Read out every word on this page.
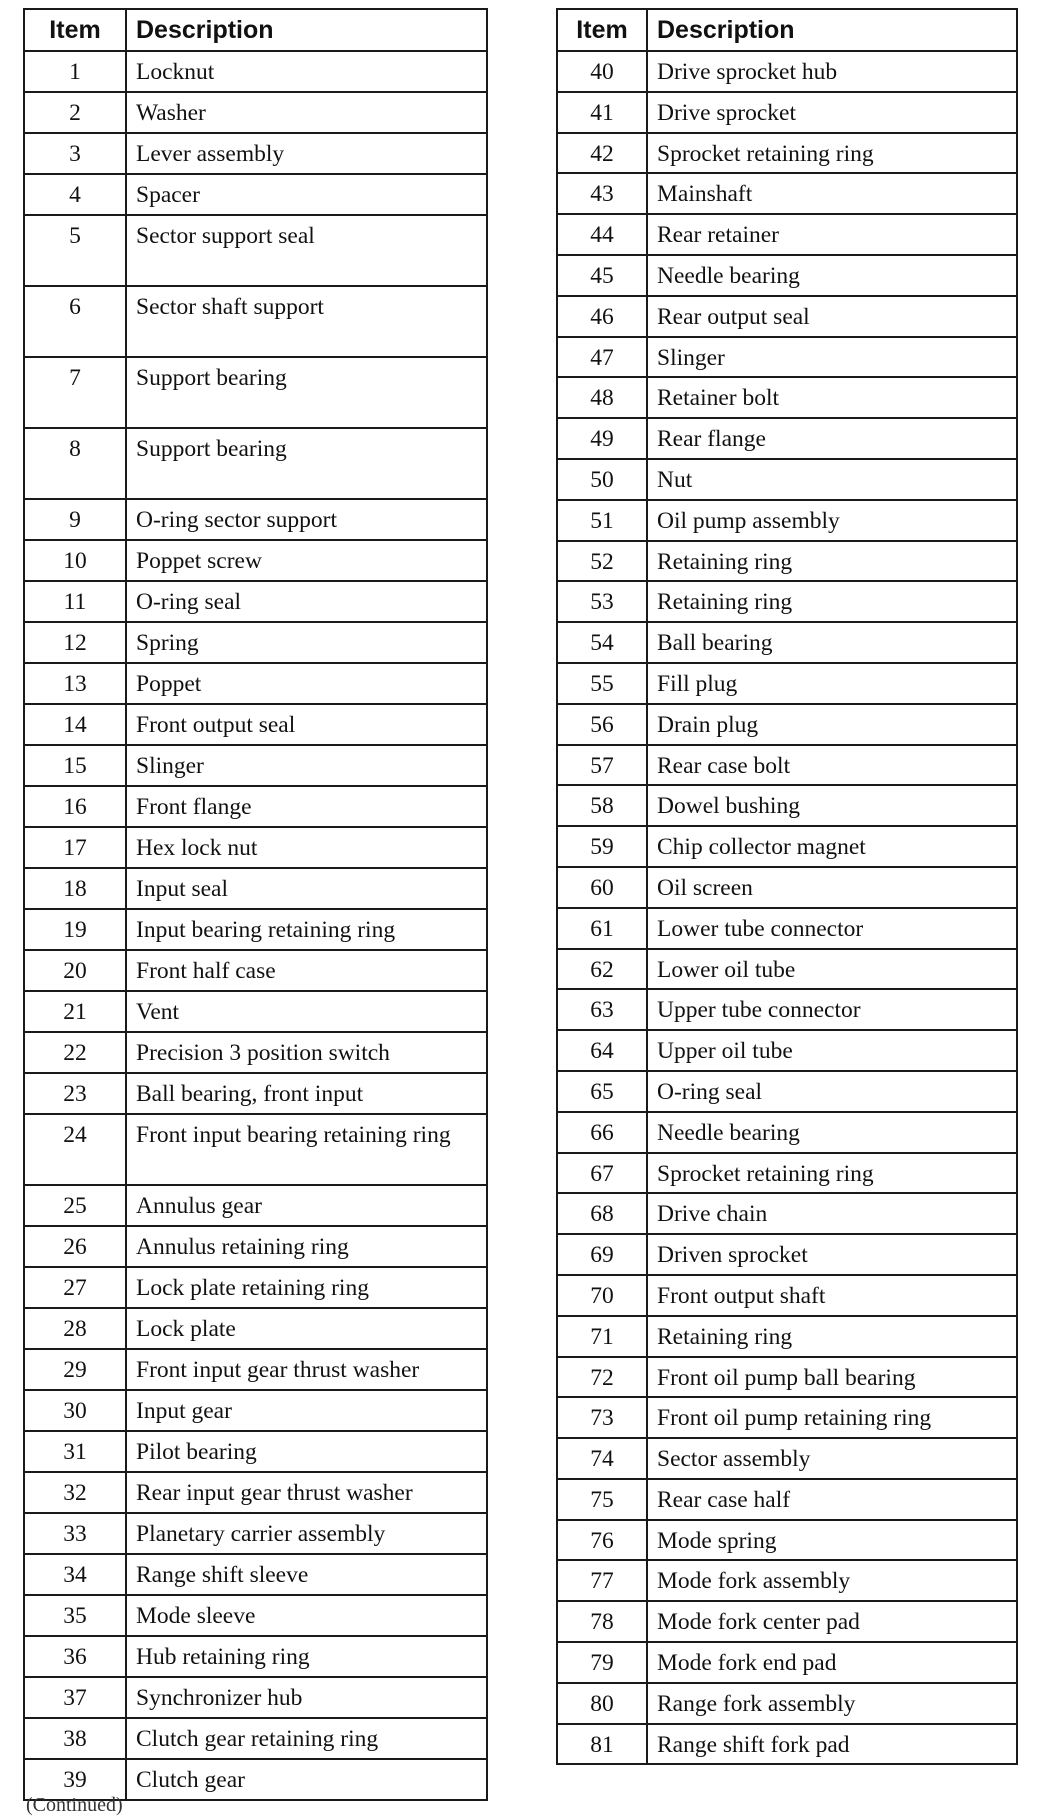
Item	Description
1	Locknut
2	Washer
3	Lever assembly
4	Spacer
5	Sector support seal
6	Sector shaft support
7	Support bearing
8	Support bearing
9	O-ring sector support
10	Poppet screw
11	O-ring seal
12	Spring
13	Poppet
14	Front output seal
15	Slinger
16	Front flange
17	Hex lock nut
18	Input seal
19	Input bearing retaining ring
20	Front half case
21	Vent
22	Precision 3 position switch
23	Ball bearing, front input
24	Front input bearing retaining ring
25	Annulus gear
26	Annulus retaining ring
27	Lock plate retaining ring
28	Lock plate
29	Front input gear thrust washer
30	Input gear
31	Pilot bearing
32	Rear input gear thrust washer
33	Planetary carrier assembly
34	Range shift sleeve
35	Mode sleeve
36	Hub retaining ring
37	Synchronizer hub
38	Clutch gear retaining ring
39	Clutch gear
Item	Description
40	Drive sprocket hub
41	Drive sprocket
42	Sprocket retaining ring
43	Mainshaft
44	Rear retainer
45	Needle bearing
46	Rear output seal
47	Slinger
48	Retainer bolt
49	Rear flange
50	Nut
51	Oil pump assembly
52	Retaining ring
53	Retaining ring
54	Ball bearing
55	Fill plug
56	Drain plug
57	Rear case bolt
58	Dowel bushing
59	Chip collector magnet
60	Oil screen
61	Lower tube connector
62	Lower oil tube
63	Upper tube connector
64	Upper oil tube
65	O-ring seal
66	Needle bearing
67	Sprocket retaining ring
68	Drive chain
69	Driven sprocket
70	Front output shaft
71	Retaining ring
72	Front oil pump ball bearing
73	Front oil pump retaining ring
74	Sector assembly
75	Rear case half
76	Mode spring
77	Mode fork assembly
78	Mode fork center pad
79	Mode fork end pad
80	Range fork assembly
81	Range shift fork pad
(Continued)
